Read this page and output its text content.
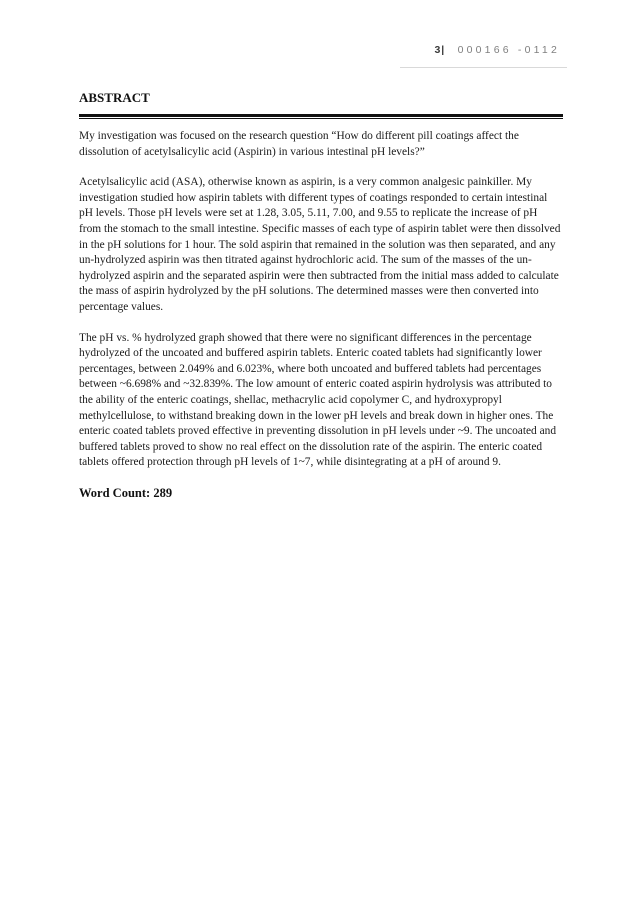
3| 000166 -0112
ABSTRACT

My investigation was focused on the research question “How do different pill coatings affect the dissolution of acetylsalicylic acid (Aspirin) in various intestinal pH levels?”

Acetylsalicylic acid (ASA), otherwise known as aspirin, is a very common analgesic painkiller. My investigation studied how aspirin tablets with different types of coatings responded to certain intestinal pH levels. Those pH levels were set at 1.28, 3.05, 5.11, 7.00, and 9.55 to replicate the increase of pH from the stomach to the small intestine. Specific masses of each type of aspirin tablet were then dissolved in the pH solutions for 1 hour. The sold aspirin that remained in the solution was then separated, and any un-hydrolyzed aspirin was then titrated against hydrochloric acid. The sum of the masses of the un-hydrolyzed aspirin and the separated aspirin were then subtracted from the initial mass added to calculate the mass of aspirin hydrolyzed by the pH solutions. The determined masses were then converted into percentage values.

The pH vs. % hydrolyzed graph showed that there were no significant differences in the percentage hydrolyzed of the uncoated and buffered aspirin tablets. Enteric coated tablets had significantly lower percentages, between 2.049% and 6.023%, where both uncoated and buffered tablets had percentages between ~6.698% and ~32.839%. The low amount of enteric coated aspirin hydrolysis was attributed to the ability of the enteric coatings, shellac, methacrylic acid copolymer C, and hydroxypropyl methylcellulose, to withstand breaking down in the lower pH levels and break down in higher ones. The enteric coated tablets proved effective in preventing dissolution in pH levels under ~9. The uncoated and buffered tablets proved to show no real effect on the dissolution rate of the aspirin. The enteric coated tablets offered protection through pH levels of 1~7, while disintegrating at a pH of around 9.

Word Count: 289
